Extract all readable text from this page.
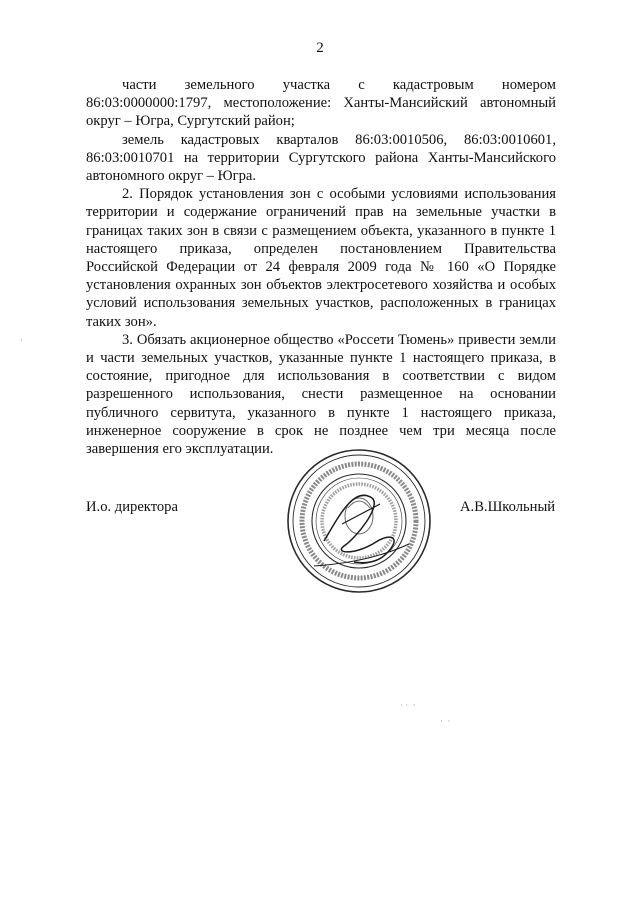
2

части земельного участка с кадастровым номером 86:03:0000000:1797, местоположение: Ханты-Мансийский автономный округ – Югра, Сургутский район;

земель кадастровых кварталов 86:03:0010506, 86:03:0010601, 86:03:0010701 на территории Сургутского района Ханты-Мансийского автономного округ – Югра.

2. Порядок установления зон с особыми условиями использования территории и содержание ограничений прав на земельные участки в границах таких зон в связи с размещением объекта, указанного в пункте 1 настоящего приказа, определен постановлением Правительства Российской Федерации от 24 февраля 2009 года № 160 «О Порядке установления охранных зон объектов электросетевого хозяйства и особых условий использования земельных участков, расположенных в границах таких зон».

3. Обязать акционерное общество «Россети Тюмень» привести земли и части земельных участков, указанные пункте 1 настоящего приказа, в состояние, пригодное для использования в соответствии с видом разрешенного использования, снести размещенное на основании публичного сервитута, указанного в пункте 1 настоящего приказа, инженерное сооружение в срок не позднее чем три месяца после завершения его эксплуатации.

И.о. директора	А.В.Школьный
· ·  ·
·  ·
·
